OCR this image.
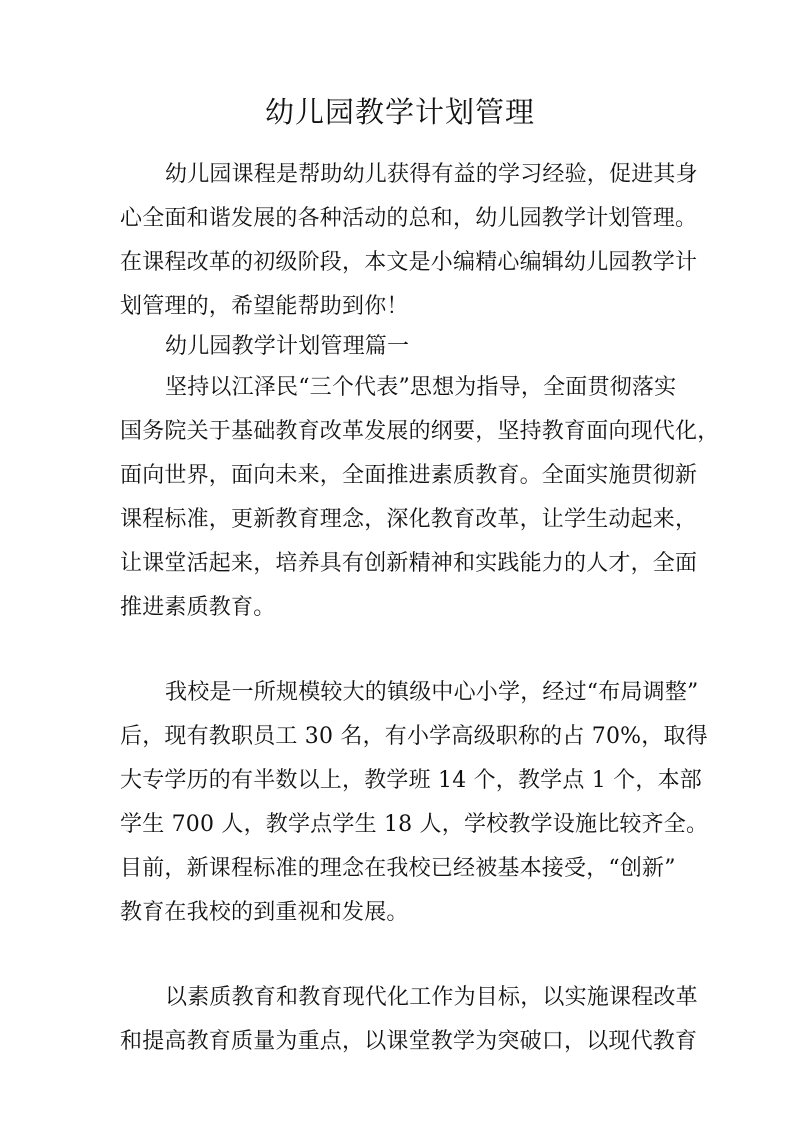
幼儿园教学计划管理
幼儿园课程是帮助幼儿获得有益的学习经验，促进其身
心全面和谐发展的各种活动的总和，幼儿园教学计划管理。
在课程改革的初级阶段，本文是小编精心编辑幼儿园教学计
划管理的，希望能帮助到你！
幼儿园教学计划管理篇一
坚持以江泽民“三个代表”思想为指导，全面贯彻落实
国务院关于基础教育改革发展的纲要，坚持教育面向现代化，
面向世界，面向未来，全面推进素质教育。全面实施贯彻新
课程标准，更新教育理念，深化教育改革，让学生动起来，
让课堂活起来，培养具有创新精神和实践能力的人才，全面
推进素质教育。
我校是一所规模较大的镇级中心小学，经过“布局调整”
后，现有教职员工 30 名，有小学高级职称的占 70%，取得
大专学历的有半数以上，教学班 14 个，教学点 1 个，本部
学生 700 人，教学点学生 18 人，学校教学设施比较齐全。
目前，新课程标准的理念在我校已经被基本接受，“创新”
教育在我校的到重视和发展。
以素质教育和教育现代化工作为目标，以实施课程改革
和提高教育质量为重点，以课堂教学为突破口，以现代教育
